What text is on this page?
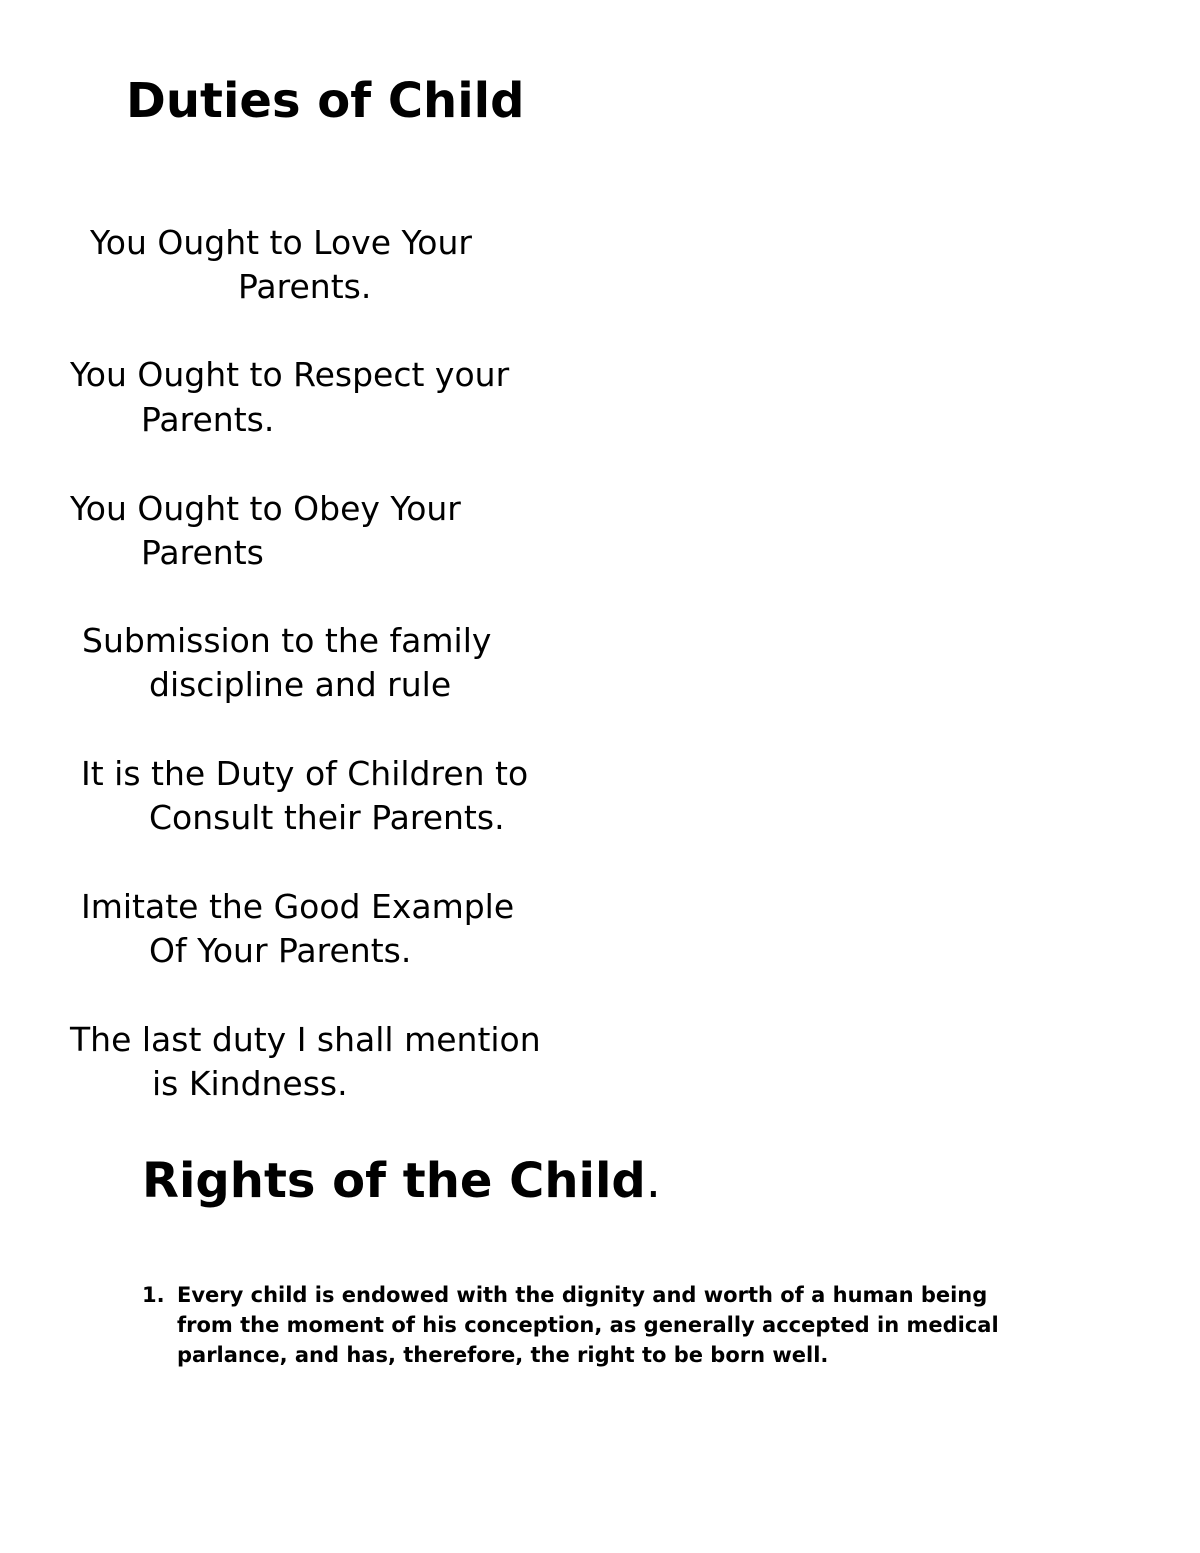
Duties of Child

You Ought to Love Your

Parents.

You Ought to Respect your

Parents.

You Ought to Obey Your

Parents

Submission to the family

discipline and rule

It is the Duty of Children to

Consult their Parents.

Imitate the Good Example

Of Your Parents.

The last duty I shall mention

is Kindness.

Rights of the Child.
1. Every child is endowed with the dignity and worth of a human being
from the moment of his conception, as generally accepted in medical
parlance, and has, therefore, the right to be born well.
